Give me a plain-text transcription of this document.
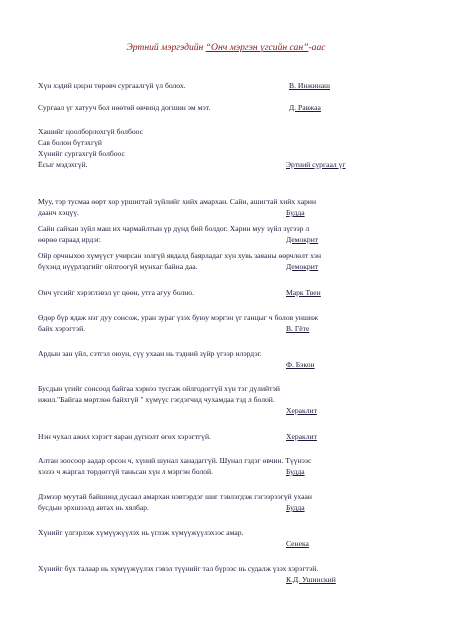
Эртний мэргэдийн “Онч мэргэн үгсийн сан”-аас
Хүн хэдий цэцэн төрөвч сургаалгүй үл болох.	В. Инжинаш
Сургаал үг хатууч бол нөөтөй өвчинд догшин эм мэт.	Д. Равжаа
Хашийг цоолборлохгүй болбоос
Сав болон бүтэхгүй
Хүнийг сургахгүй болбоос
Ёсыг мэдэхгүй.	Эртний сургаал үг
Муу, тэр тусмаа өөрт хор уршигтай зүйлийг хийх амархан. Сайн, ашигтай хийх харин
даанч хэцүү.	Будда
Сайн сайхан зүйл маш их чармайлтын үр дүнд бий болдог. Харин муу зүйл зүгээр л
өөрөө гараад ирдэг.	Демокрит
Ойр орчныхоо хүмүүст учирсан золгүй явдалд баярладаг хүн хувь заяаны өөрчлөлт хэн
бүхэнд нүүрлэдгийг ойлгоогүй мунхаг байна даа.	Демокрит
Онч үгсийг хэрэглэвэл үг цөөн, утга агуу болно.	Марк Твен
Өдөр бүр ядаж нэг дуу сонсож, уран зураг үзэх буюу мэргэн үг ганцыг ч болов уншиж
байх хэрэгтэй.	В. Гёте
Ардын зан үйл, сэтгэл оюун, сүү ухаан нь тэдний зүйр үгээр илэрдэг.
Ф. Бэкон
Бусдын үгийг сонсоод байгаа хэрнээ тусгаж ойлгодоггүй хүн тэг дүлийтэй
ижил."Байгаа мөртлөө байхгүй " хүмүүс гэгдэгчид чухамдаа тэд л болой.
Хераклит
Нэн чухал ажил хэрэгт яаран дүгнэлт өгөх хэрэгтгүй.	Хераклит
Алтан зоосоор аадар орсон ч, хүний шунал ханадаггүй. Шунал гэдэг өвчин. Түүнээс
хэзээ ч жаргал төрдөггүй таньсан хүн л мэргэн болой.	Будда
Дэмээр муутай байшинд дусаал амархан нэвтэрдэг шиг тэвлэгдэж гэгээрээгүй ухаан
бусдын эрхшээлд автах нь хялбар.	Будда
Хүнийг үлгэрлэж хүмүүжүүлэх нь үглэж хүмүүжүүлэхээс амар.
Сенека
Хүнийг бүх талаар нь хүмүүжүүлэх гэвэл түүнийг тал бүрээс нь судалж үзэх хэрэгтэй.
К.Д. Ушинский
